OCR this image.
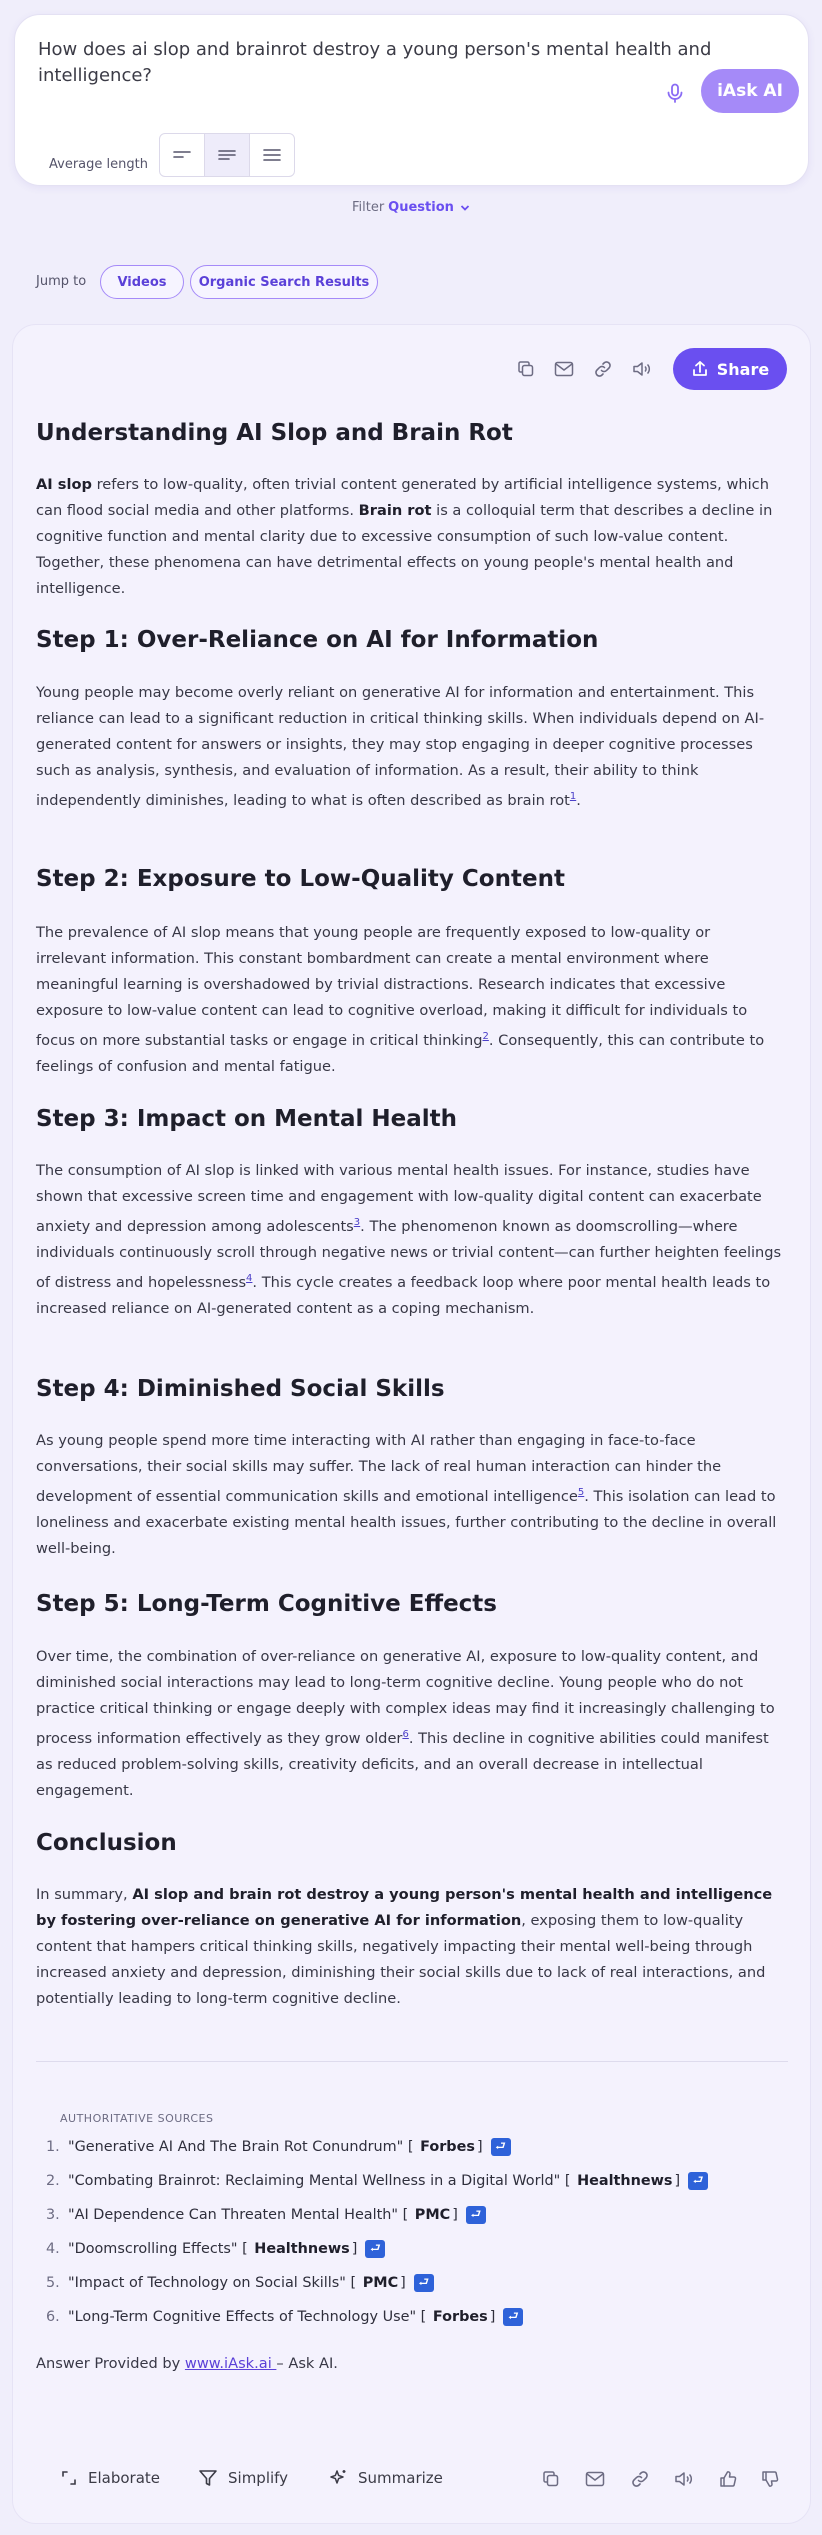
How does ai slop and brainrot destroy a young person's mental health and intelligence?
iAsk AI
Average length
Filter Question
Jump to	Videos	Organic Search Results
Share
Understanding AI Slop and Brain Rot
AI slop refers to low-quality, often trivial content generated by artificial intelligence systems, which can flood social media and other platforms. Brain rot is a colloquial term that describes a decline in cognitive function and mental clarity due to excessive consumption of such low-value content. Together, these phenomena can have detrimental effects on young people's mental health and intelligence.
Step 1: Over-Reliance on AI for Information
Young people may become overly reliant on generative AI for information and entertainment. This reliance can lead to a significant reduction in critical thinking skills. When individuals depend on AI-generated content for answers or insights, they may stop engaging in deeper cognitive processes such as analysis, synthesis, and evaluation of information. As a result, their ability to think independently diminishes, leading to what is often described as brain rot$^1$.
Step 2: Exposure to Low-Quality Content
The prevalence of AI slop means that young people are frequently exposed to low-quality or irrelevant information. This constant bombardment can create a mental environment where meaningful learning is overshadowed by trivial distractions. Research indicates that excessive exposure to low-value content can lead to cognitive overload, making it difficult for individuals to focus on more substantial tasks or engage in critical thinking$^2$. Consequently, this can contribute to feelings of confusion and mental fatigue.
Step 3: Impact on Mental Health
The consumption of AI slop is linked with various mental health issues. For instance, studies have shown that excessive screen time and engagement with low-quality digital content can exacerbate anxiety and depression among adolescents$^3$. The phenomenon known as doomscrolling—where individuals continuously scroll through negative news or trivial content—can further heighten feelings of distress and hopelessness$^4$. This cycle creates a feedback loop where poor mental health leads to increased reliance on AI-generated content as a coping mechanism.
Step 4: Diminished Social Skills
As young people spend more time interacting with AI rather than engaging in face-to-face conversations, their social skills may suffer. The lack of real human interaction can hinder the development of essential communication skills and emotional intelligence$^5$. This isolation can lead to loneliness and exacerbate existing mental health issues, further contributing to the decline in overall well-being.
Step 5: Long-Term Cognitive Effects
Over time, the combination of over-reliance on generative AI, exposure to low-quality content, and diminished social interactions may lead to long-term cognitive decline. Young people who do not practice critical thinking or engage deeply with complex ideas may find it increasingly challenging to process information effectively as they grow older$^6$. This decline in cognitive abilities could manifest as reduced problem-solving skills, creativity deficits, and an overall decrease in intellectual engagement.
Conclusion
In summary, AI slop and brain rot destroy a young person's mental health and intelligence by fostering over-reliance on generative AI for information, exposing them to low-quality content that hampers critical thinking skills, negatively impacting their mental well-being through increased anxiety and depression, diminishing their social skills due to lack of real interactions, and potentially leading to long-term cognitive decline.
AUTHORITATIVE SOURCES
1. "Generative AI And The Brain Rot Conundrum"
[
Forbes ]	⮐
2. "Combating Brainrot: Reclaiming Mental Wellness in a Digital World"
[
Healthnews ]	⮐
3. "AI Dependence Can Threaten Mental Health"
[
PMC ]	⮐
4. "Doomscrolling Effects"
[
Healthnews ]	⮐
5. "Impact of Technology on Social Skills"
[
PMC ]	⮐
6. "Long-Term Cognitive Effects of Technology Use"
[
Forbes ]	⮐
Answer Provided by www.iAsk.ai – Ask AI.
Elaborate	Simplify	Summarize
